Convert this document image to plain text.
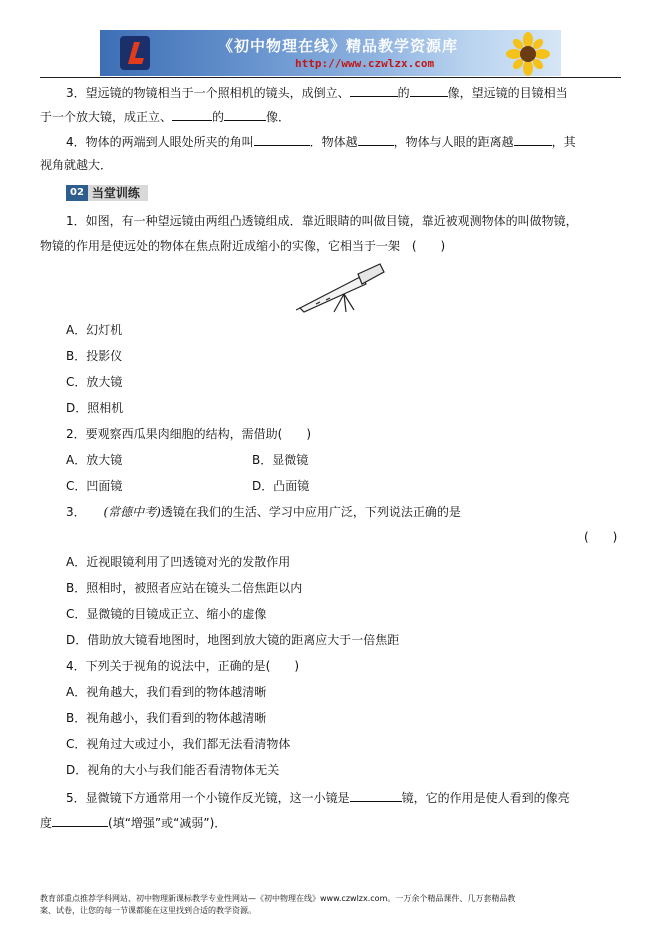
《初中物理在线》精品教学资源库
http://www.czwlzx.com
3．望远镜的物镜相当于一个照相机的镜头，成倒立、	的	像，望远镜的目镜相当
于一个放大镜，成正立、	的	像．
4．物体的两端到人眼处所夹的角叫	．物体越	，物体与人眼的距离越	，其
视角就越大．
02 当堂训练
1．如图，有一种望远镜由两组凸透镜组成．靠近眼睛的叫做目镜，靠近被观测物体的叫做物镜，
物镜的作用是使远处的物体在焦点附近成缩小的实像，它相当于一架 (　　)
A．幻灯机
B．投影仪
C．放大镜
D．照相机
2．要观察西瓜果肉细胞的结构，需借助(　　)
A．放大镜	B．显微镜
C．凹面镜	D．凸面镜
3． (常德中考)透镜在我们的生活、学习中应用广泛，下列说法正确的是
(　　)
A．近视眼镜利用了凹透镜对光的发散作用
B．照相时，被照者应站在镜头二倍焦距以内
C．显微镜的目镜成正立、缩小的虚像
D．借助放大镜看地图时，地图到放大镜的距离应大于一倍焦距
4．下列关于视角的说法中，正确的是(　　)
A．视角越大，我们看到的物体越清晰
B．视角越小，我们看到的物体越清晰
C．视角过大或过小，我们都无法看清物体
D．视角的大小与我们能否看清物体无关
5．显微镜下方通常用一个小镜作反光镜，这一小镜是	镜，它的作用是使人看到的像亮
度	(填“增强”或“减弱”)．
教育部重点推荐学科网站、初中物理新课标教学专业性网站—《初中物理在线》www.czwlzx.com。一万余个精品课件、几万套精品教
案、试卷，让您的每一节课都能在这里找到合适的教学资源。
